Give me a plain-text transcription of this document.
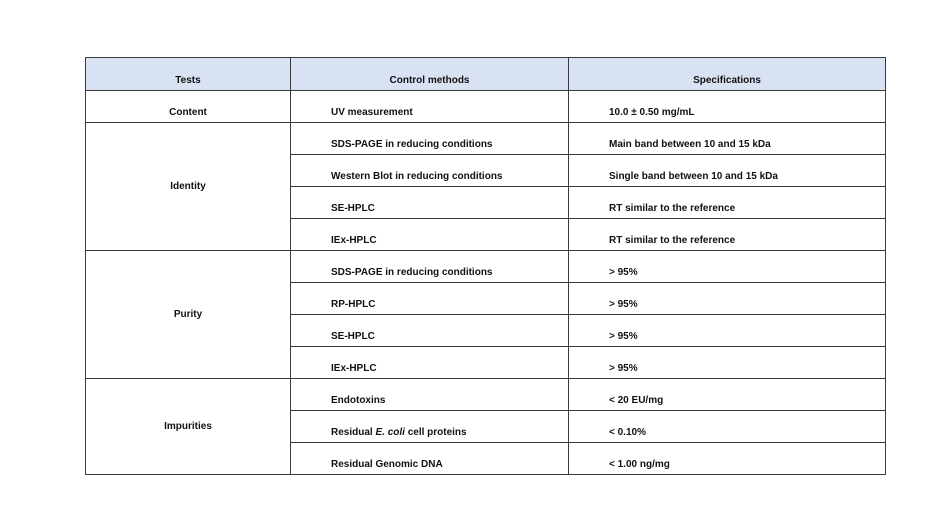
Tests	Control methods	Specifications
Content	UV measurement	10.0 ± 0.50 mg/mL
Identity	SDS-PAGE in reducing conditions	Main band between 10 and 15 kDa
	Western Blot in reducing conditions	Single band between 10 and 15 kDa
	SE-HPLC	RT similar to the reference
	IEx-HPLC	RT similar to the reference
Purity	SDS-PAGE in reducing conditions	> 95%
	RP-HPLC	> 95%
	SE-HPLC	> 95%
	IEx-HPLC	> 95%
Impurities	Endotoxins	< 20 EU/mg
	Residual E. coli cell proteins	< 0.10%
	Residual Genomic DNA	< 1.00 ng/mg
